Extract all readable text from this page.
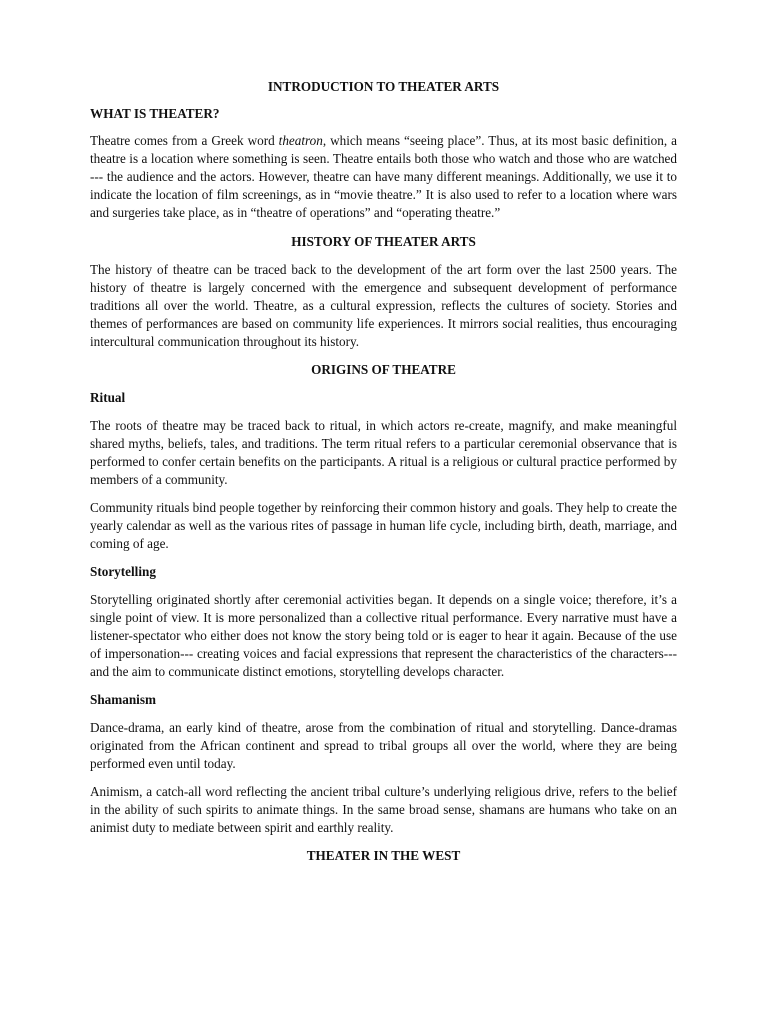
INTRODUCTION TO THEATER ARTS
WHAT IS THEATER?

Theatre comes from a Greek word theatron, which means “seeing place”. Thus, at its most basic definition, a theatre is a location where something is seen. Theatre entails both those who watch and those who are watched --- the audience and the actors. However, theatre can have many different meanings. Additionally, we use it to indicate the location of film screenings, as in “movie theatre.” It is also used to refer to a location where wars and surgeries take place, as in “theatre of operations” and “operating theatre.”

HISTORY OF THEATER ARTS

The history of theatre can be traced back to the development of the art form over the last 2500 years. The history of theatre is largely concerned with the emergence and subsequent development of performance traditions all over the world. Theatre, as a cultural expression, reflects the cultures of society. Stories and themes of performances are based on community life experiences. It mirrors social realities, thus encouraging intercultural communication throughout its history.

ORIGINS OF THEATRE
Ritual

The roots of theatre may be traced back to ritual, in which actors re-create, magnify, and make meaningful shared myths, beliefs, tales, and traditions. The term ritual refers to a particular ceremonial observance that is performed to confer certain benefits on the participants. A ritual is a religious or cultural practice performed by members of a community.

Community rituals bind people together by reinforcing their common history and goals. They help to create the yearly calendar as well as the various rites of passage in human life cycle, including birth, death, marriage, and coming of age.

Storytelling

Storytelling originated shortly after ceremonial activities began. It depends on a single voice; therefore, it’s a single point of view. It is more personalized than a collective ritual performance. Every narrative must have a listener-spectator who either does not know the story being told or is eager to hear it again. Because of the use of impersonation--- creating voices and facial expressions that represent the characteristics of the characters---and the aim to communicate distinct emotions, storytelling develops character.

Shamanism

Dance-drama, an early kind of theatre, arose from the combination of ritual and storytelling. Dance-dramas originated from the African continent and spread to tribal groups all over the world, where they are being performed even until today.

Animism, a catch-all word reflecting the ancient tribal culture’s underlying religious drive, refers to the belief in the ability of such spirits to animate things. In the same broad sense, shamans are humans who take on an animist duty to mediate between spirit and earthly reality.

THEATER IN THE WEST
